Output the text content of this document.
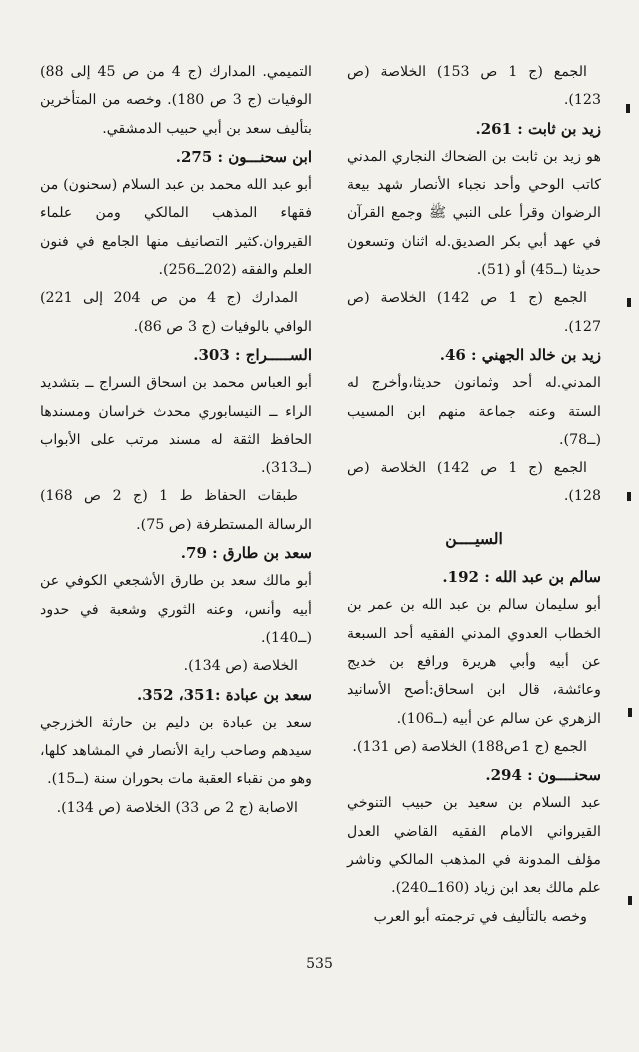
الجمع (ج 1 ص 153) الخلاصة (ص 123).

زيد بن ثابت : 261.

هو زيد بن ثابت بن الضحاك النجاري المدني كاتب الوحي وأحد نجباء الأنصار شهد بيعة الرضوان وقرأ على النبي ﷺ وجمع القرآن في عهد أبي بكر الصديق.له اثنان وتسعون حديثا (ــ45) أو (51).

الجمع (ج 1 ص 142) الخلاصة (ص 127).

زيد بن خالد الجهني : 46.

المدني.له أحد وثمانون حديثا،وأخرج له الستة وعنه جماعة منهم ابن المسيب (ــ78).

الجمع (ج 1 ص 142) الخلاصة (ص 128).

السيــــن

سالم بن عبد الله : 192.

أبو سليمان سالم بن عبد الله بن عمر بن الخطاب العدوي المدني الفقيه أحد السبعة عن أبيه وأبي هريرة ورافع بن خديج وعائشة، قال ابن اسحاق:أصح الأسانيد الزهري عن سالم عن أبيه (ــ106).

الجمع (ج 1ص188) الخلاصة (ص 131).

سحنــــون : 294.

عبد السلام بن سعيد بن حبيب التنوخي القيرواني الامام الفقيه القاضي العدل مؤلف المدونة في المذهب المالكي وناشر علم مالك بعد ابن زياد (160ــ240).

وخصه بالتأليف في ترجمته أبو العرب

التميمي. المدارك (ج 4 من ص 45 إلى 88) الوفيات (ج 3 ص 180). وخصه من المتأخرين بتأليف سعد بن أبي حبيب الدمشقي.

ابن سحنـــون : 275.

أبو عبد الله محمد بن عبد السلام (سحنون) من فقهاء المذهب المالكي ومن علماء القيروان.كثير التصانيف منها الجامع في فنون العلم والفقه (202ــ256).

المدارك (ج 4 من ص 204 إلى 221) الوافي بالوفيات (ج 3 ص 86).

الســـــراج : 303.

أبو العباس محمد بن اسحاق السراج ــ بتشديد الراء ــ النيسابوري محدث خراسان ومسندها الحافظ الثقة له مسند مرتب على الأبواب (ــ313).

طبقات الحفاظ ط 1 (ج 2 ص 168) الرسالة المستطرفة (ص 75).

سعد بن طارق : 79.

أبو مالك سعد بن طارق الأشجعي الكوفي عن أبيه وأنس، وعنه الثوري وشعبة في حدود (ــ140).

الخلاصة (ص 134).

سعد بن عبادة :351، 352.

سعد بن عبادة بن دليم بن حارثة الخزرجي سيدهم وصاحب راية الأنصار في المشاهد كلها، وهو من نقباء العقبة مات بحوران سنة (ــ15).

الاصابة (ج 2 ص 33) الخلاصة (ص 134).

535
